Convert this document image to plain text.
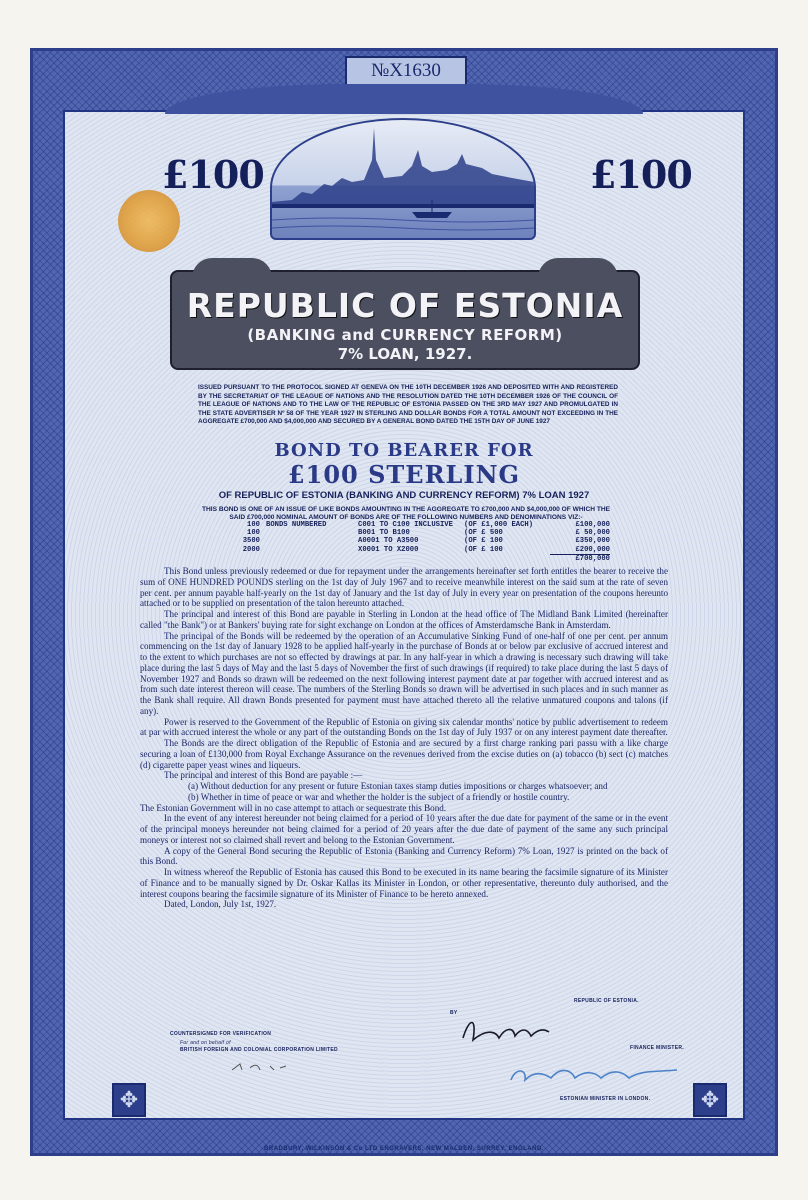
№X1630
£100	£100
REPUBLIC OF ESTONIA
(BANKING and CURRENCY REFORM)
7% LOAN, 1927.
ISSUED PURSUANT TO THE PROTOCOL SIGNED AT GENEVA ON THE 10TH DECEMBER 1926 AND DEPOSITED WITH AND REGISTERED BY THE SECRETARIAT OF THE LEAGUE OF NATIONS AND THE RESOLUTION DATED THE 10TH DECEMBER 1926 OF THE COUNCIL OF THE LEAGUE OF NATIONS AND TO THE LAW OF THE REPUBLIC OF ESTONIA PASSED ON THE 3RD MAY 1927 AND PROMULGATED IN THE STATE ADVERTISER Nº 58 OF THE YEAR 1927 IN STERLING AND DOLLAR BONDS FOR A TOTAL AMOUNT NOT EXCEEDING IN THE AGGREGATE £700,000 AND $4,000,000 AND SECURED BY A GENERAL BOND DATED THE 15TH DAY OF JUNE 1927
BOND TO BEARER FOR
£100 STERLING
OF REPUBLIC OF ESTONIA (BANKING AND CURRENCY REFORM) 7% LOAN 1927
THIS BOND IS ONE OF AN ISSUE OF LIKE BONDS AMOUNTING IN THE AGGREGATE TO £700,000 AND $4,000,000 OF WHICH THE SAID £700,000 NOMINAL AMOUNT OF BONDS ARE OF THE FOLLOWING NUMBERS AND DENOMINATIONS VIZ:-
100 BONDS NUMBERED	C001 TO C100 INCLUSIVE	(OF £1,000 EACH)	£100,000
100	B001 TO B100	(OF £ 500	£ 50,000
3500	A0001 TO A3500	(OF £ 100	£350,000
2000	X0001 TO X2000	(OF £ 100	£200,000
£700,000

This Bond unless previously redeemed or due for repayment under the arrangements hereinafter set forth entitles the bearer to receive the sum of ONE HUNDRED POUNDS sterling on the 1st day of July 1967 and to receive meanwhile interest on the said sum at the rate of seven per cent. per annum payable half-yearly on the 1st day of January and the 1st day of July in every year on presentation of the coupons hereunto attached or to be supplied on presentation of the talon hereunto attached.

The principal and interest of this Bond are payable in Sterling in London at the head office of The Midland Bank Limited (hereinafter called "the Bank") or at Bankers' buying rate for sight exchange on London at the offices of Amsterdamsche Bank in Amsterdam.

The principal of the Bonds will be redeemed by the operation of an Accumulative Sinking Fund of one-half of one per cent. per annum commencing on the 1st day of January 1928 to be applied half-yearly in the purchase of Bonds at or below par exclusive of accrued interest and to the extent to which purchases are not so effected by drawings at par. In any half-year in which a drawing is necessary such drawing will take place during the last 5 days of May and the last 5 days of November the first of such drawings (if required) to take place during the last 5 days of November 1927 and Bonds so drawn will be redeemed on the next following interest payment date at par together with accrued interest and as from such date interest thereon will cease. The numbers of the Sterling Bonds so drawn will be advertised in such places and in such manner as the Bank shall require. All drawn Bonds presented for payment must have attached thereto all the relative unmatured coupons and talons (if any).

Power is reserved to the Government of the Republic of Estonia on giving six calendar months' notice by public advertisement to redeem at par with accrued interest the whole or any part of the outstanding Bonds on the 1st day of July 1937 or on any interest payment date thereafter.

The Bonds are the direct obligation of the Republic of Estonia and are secured by a first charge ranking pari passu with a like charge securing a loan of £130,000 from Royal Exchange Assurance on the revenues derived from the excise duties on (a) tobacco (b) sect (c) matches (d) cigarette paper yeast wines and liqueurs.

The principal and interest of this Bond are payable :—

(a) Without deduction for any present or future Estonian taxes stamp duties impositions or charges whatsoever; and

(b) Whether in time of peace or war and whether the holder is the subject of a friendly or hostile country.

The Estonian Government will in no case attempt to attach or sequestrate this Bond.

In the event of any interest hereunder not being claimed for a period of 10 years after the due date for payment of the same or in the event of the principal moneys hereunder not being claimed for a period of 20 years after the due date of payment of the same any such principal moneys or interest not so claimed shall revert and belong to the Estonian Government.

A copy of the General Bond securing the Republic of Estonia (Banking and Currency Reform) 7% Loan, 1927 is printed on the back of this Bond.

In witness whereof the Republic of Estonia has caused this Bond to be executed in its name bearing the facsimile signature of its Minister of Finance and to be manually signed by Dr. Oskar Kallas its Minister in London, or other representative, thereunto duly authorised, and the interest coupons bearing the facsimile signature of its Minister of Finance to be hereto annexed.

Dated, London, July 1st, 1927.

REPUBLIC OF ESTONIA.
BY
FINANCE MINISTER.
ESTONIAN MINISTER IN LONDON.
COUNTERSIGNED FOR VERIFICATION
For and on behalf of
BRITISH FOREIGN AND COLONIAL CORPORATION LIMITED
✥	✥
BRADBURY, WILKINSON & Co LTD ENGRAVERS, NEW MALDEN, SURREY, ENGLAND.
